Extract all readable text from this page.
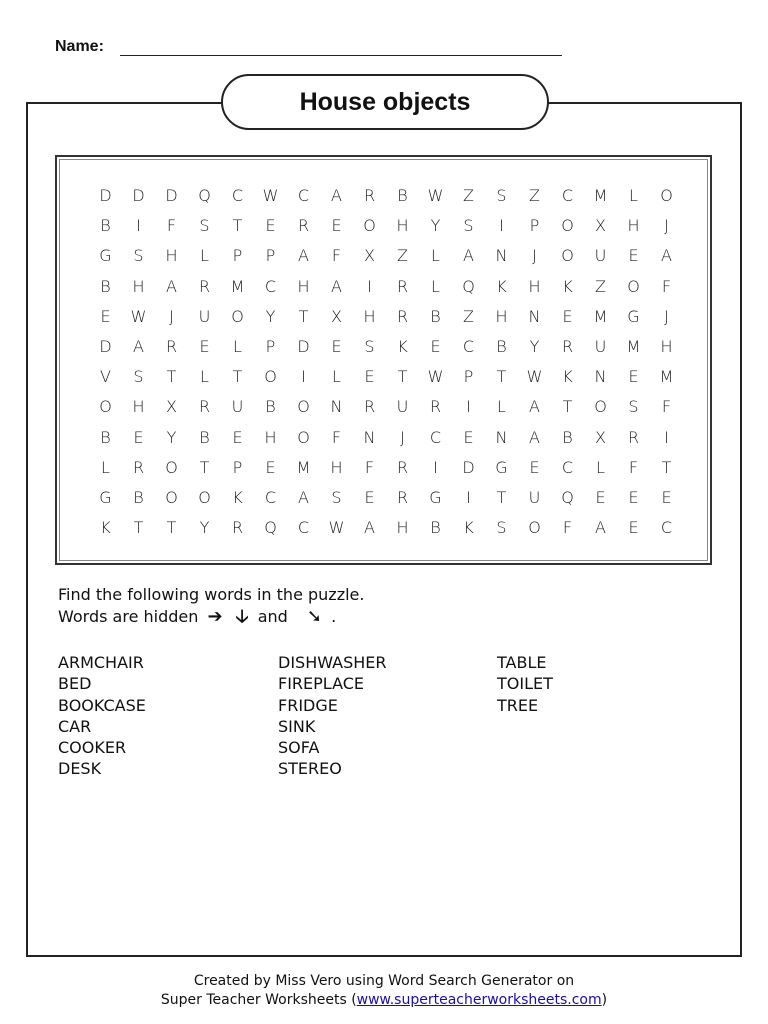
Name:
House objects
D	D	D	Q	C	W	C	A	R	B	W	Z	S	Z	C	M	L	O
B	I	F	S	T	E	R	E	O	H	Y	S	I	P	O	X	H	J
G	S	H	L	P	P	A	F	X	Z	L	A	N	J	O	U	E	A
B	H	A	R	M	C	H	A	I	R	L	Q	K	H	K	Z	O	F
E	W	J	U	O	Y	T	X	H	R	B	Z	H	N	E	M	G	J
D	A	R	E	L	P	D	E	S	K	E	C	B	Y	R	U	M	H
V	S	T	L	T	O	I	L	E	T	W	P	T	W	K	N	E	M
O	H	X	R	U	B	O	N	R	U	R	I	L	A	T	O	S	F
B	E	Y	B	E	H	O	F	N	J	C	E	N	A	B	X	R	I
L	R	O	T	P	E	M	H	F	R	I	D	G	E	C	L	F	T
G	B	O	O	K	C	A	S	E	R	G	I	T	U	Q	E	E	E
K	T	T	Y	R	Q	C	W	A	H	B	K	S	O	F	A	E	C
Find the following words in the puzzle.
Words are hidden ➔ 🡣 and ➘ .
ARMCHAIR
BED
BOOKCASE
CAR
COOKER
DESK
DISHWASHER
FIREPLACE
FRIDGE
SINK
SOFA
STEREO
TABLE
TOILET
TREE
Created by Miss Vero using Word Search Generator on
Super Teacher Worksheets (www.superteacherworksheets.com)
